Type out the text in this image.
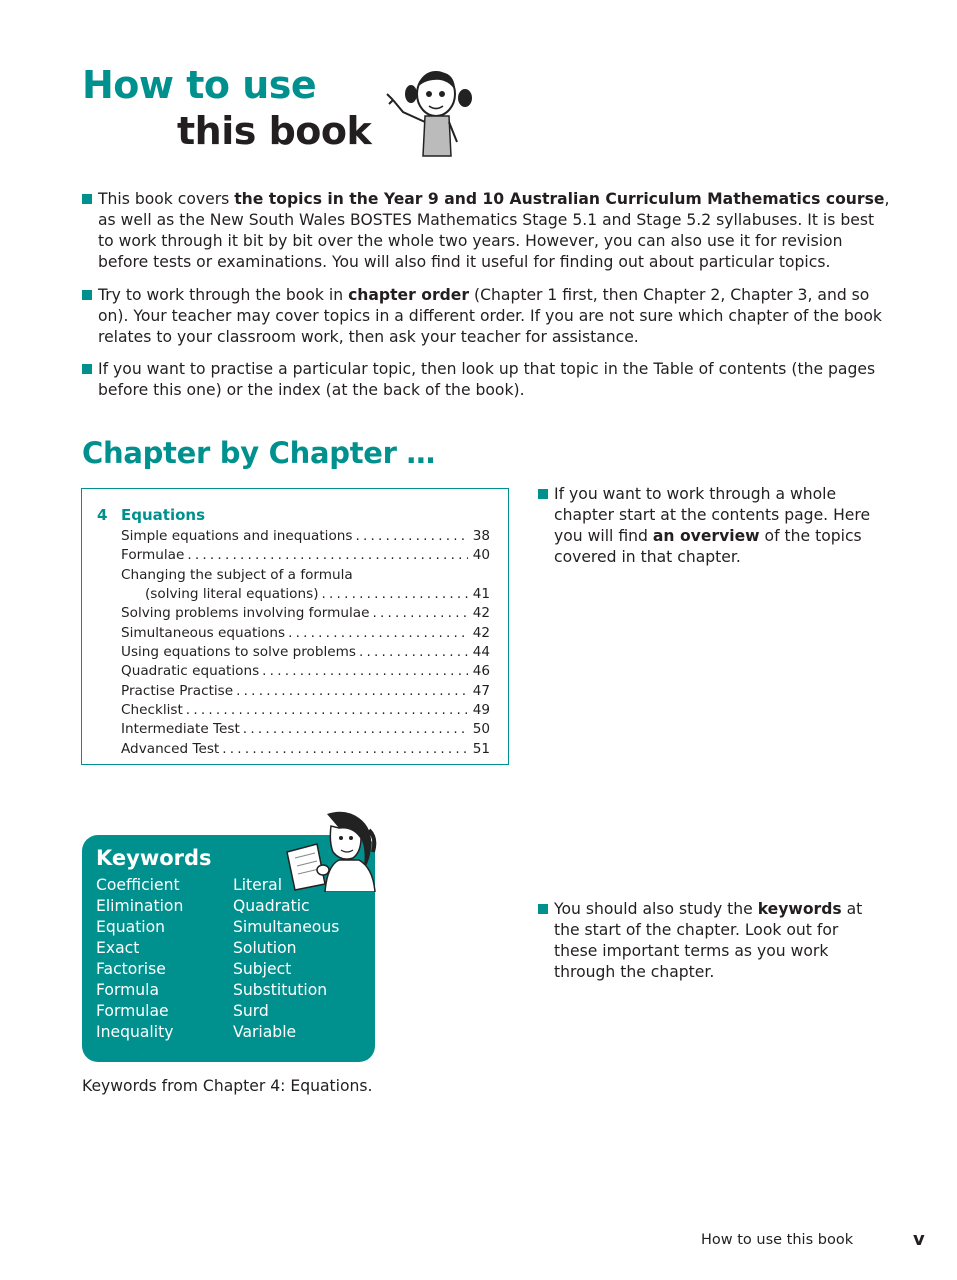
How to use
this book
This book covers the topics in the Year 9 and 10 Australian Curriculum Mathematics course, as well as the New South Wales BOSTES Mathematics Stage 5.1 and Stage 5.2 syllabuses. It is best to work through it bit by bit over the whole two years. However, you can also use it for revision before tests or examinations. You will also find it useful for finding out about particular topics.
Try to work through the book in chapter order (Chapter 1 first, then Chapter 2, Chapter 3, and so on). Your teacher may cover topics in a different order. If you are not sure which chapter of the book relates to your classroom work, then ask your teacher for assistance.
If you want to practise a particular topic, then look up that topic in the Table of contents (the pages before this one) or the index (at the back of the book).
Chapter by Chapter …
4 Equations
Simple equations and inequations .....	38
Formulae .....	40
Changing the subject of a formula
(solving literal equations) .....	41
Solving problems involving formulae .....	42
Simultaneous equations .....	42
Using equations to solve problems .....	44
Quadratic equations .....	46
Practise Practise .....	47
Checklist .....	49
Intermediate Test .....	50
Advanced Test .....	51
If you want to work through a whole chapter start at the contents page. Here you will find an overview of the topics covered in that chapter.
Keywords
Coefficient
Elimination
Equation
Exact
Factorise
Formula
Formulae
Inequality
Literal
Quadratic
Simultaneous
Solution
Subject
Substitution
Surd
Variable
You should also study the keywords at the start of the chapter. Look out for these important terms as you work through the chapter.
Keywords from Chapter 4: Equations.
How to use this book	v
